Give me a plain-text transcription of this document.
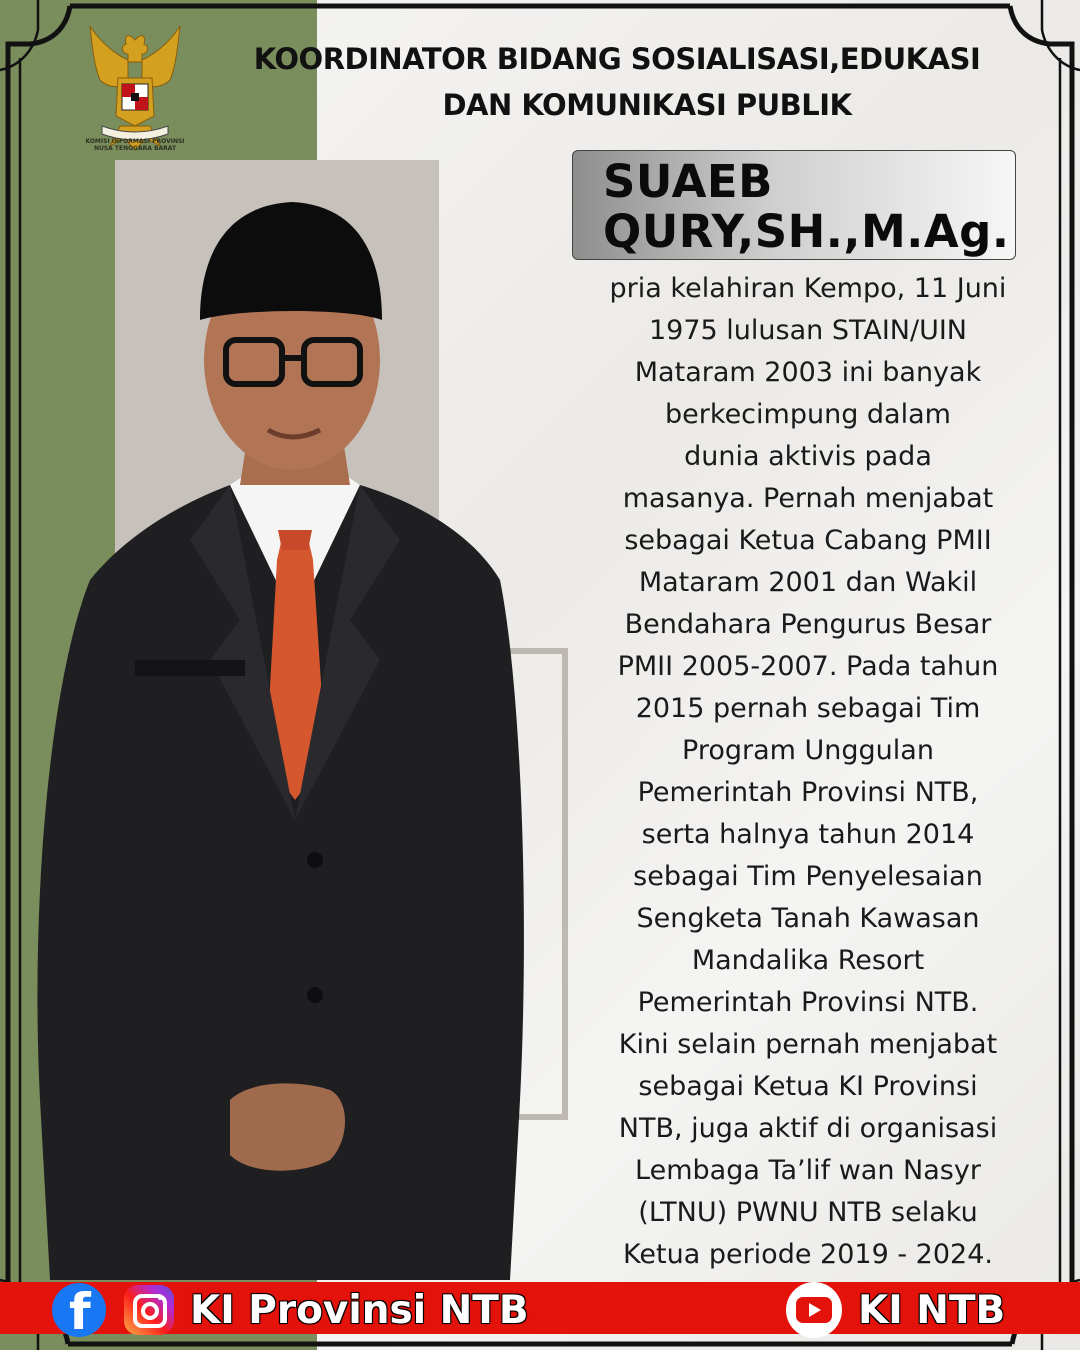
KOMISI INFORMASI PROVINSI
NUSA TENGGARA BARAT
KOORDINATOR BIDANG SOSIALISASI,EDUKASI
DAN KOMUNIKASI PUBLIK
SUAEB
QURY,SH.,M.Ag.
pria kelahiran Kempo, 11 Juni
1975 lulusan STAIN/UIN
Mataram 2003 ini banyak
berkecimpung dalam
dunia aktivis pada
masanya. Pernah menjabat
sebagai Ketua Cabang PMII
Mataram 2001 dan Wakil
Bendahara Pengurus Besar
PMII 2005-2007. Pada tahun
2015 pernah sebagai Tim
Program Unggulan
Pemerintah Provinsi NTB,
serta halnya tahun 2014
sebagai Tim Penyelesaian
Sengketa Tanah Kawasan
Mandalika Resort
Pemerintah Provinsi NTB.
Kini selain pernah menjabat
sebagai Ketua KI Provinsi
NTB, juga aktif di organisasi
Lembaga Ta’lif wan Nasyr
(LTNU) PWNU NTB selaku
Ketua periode 2019 - 2024.
f	KI Provinsi NTB	KI NTB
